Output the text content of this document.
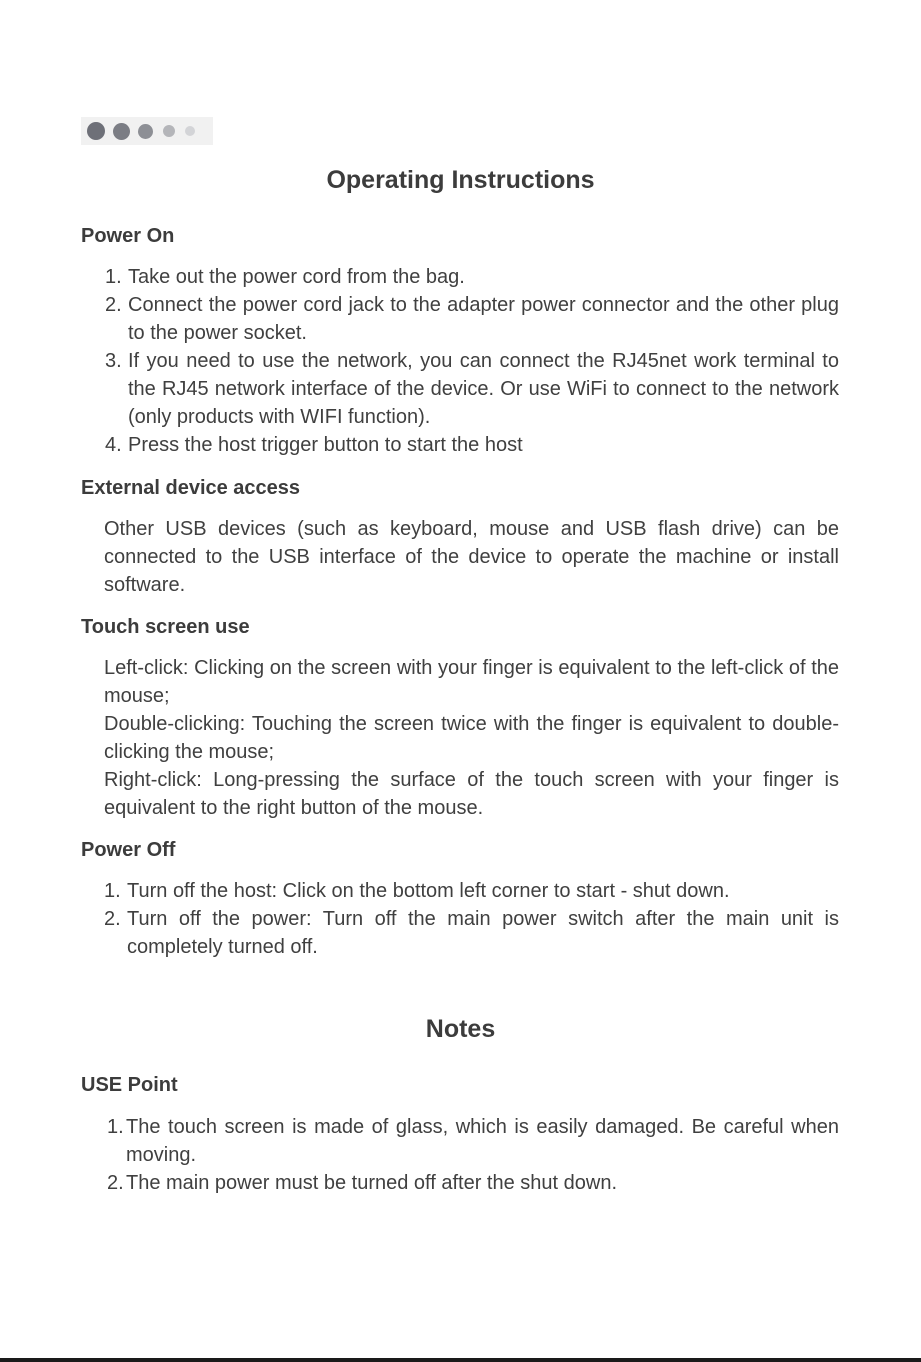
Operating Instructions
Power On
1. Take out the power cord from the bag.
2. Connect the power cord jack to the adapter power connector and the other plug to the power socket.
3. If you need to use the network, you can connect the RJ45net work terminal to the RJ45 network interface of the device. Or use WiFi to connect to the network (only products with WIFI function).
4. Press the host trigger button to start the host
External device access

Other USB devices (such as keyboard, mouse and USB flash drive) can be connected to the USB interface of the device to operate the machine or install software.

Touch screen use
Left-click: Clicking on the screen with your finger is equivalent to the left-click of the mouse;
Double-clicking: Touching the screen twice with the finger is equivalent to double-clicking the mouse;
Right-click: Long-pressing the surface of the touch screen with your finger is equivalent to the right button of the mouse.
Power Off
1. Turn off the host: Click on the bottom left corner to start - shut down.
2. Turn off the power: Turn off the main power switch after the main unit is completely turned off.
Notes
USE Point
1. The touch screen is made of glass, which is easily damaged. Be careful when moving.
2. The main power must be turned off after the shut down.
